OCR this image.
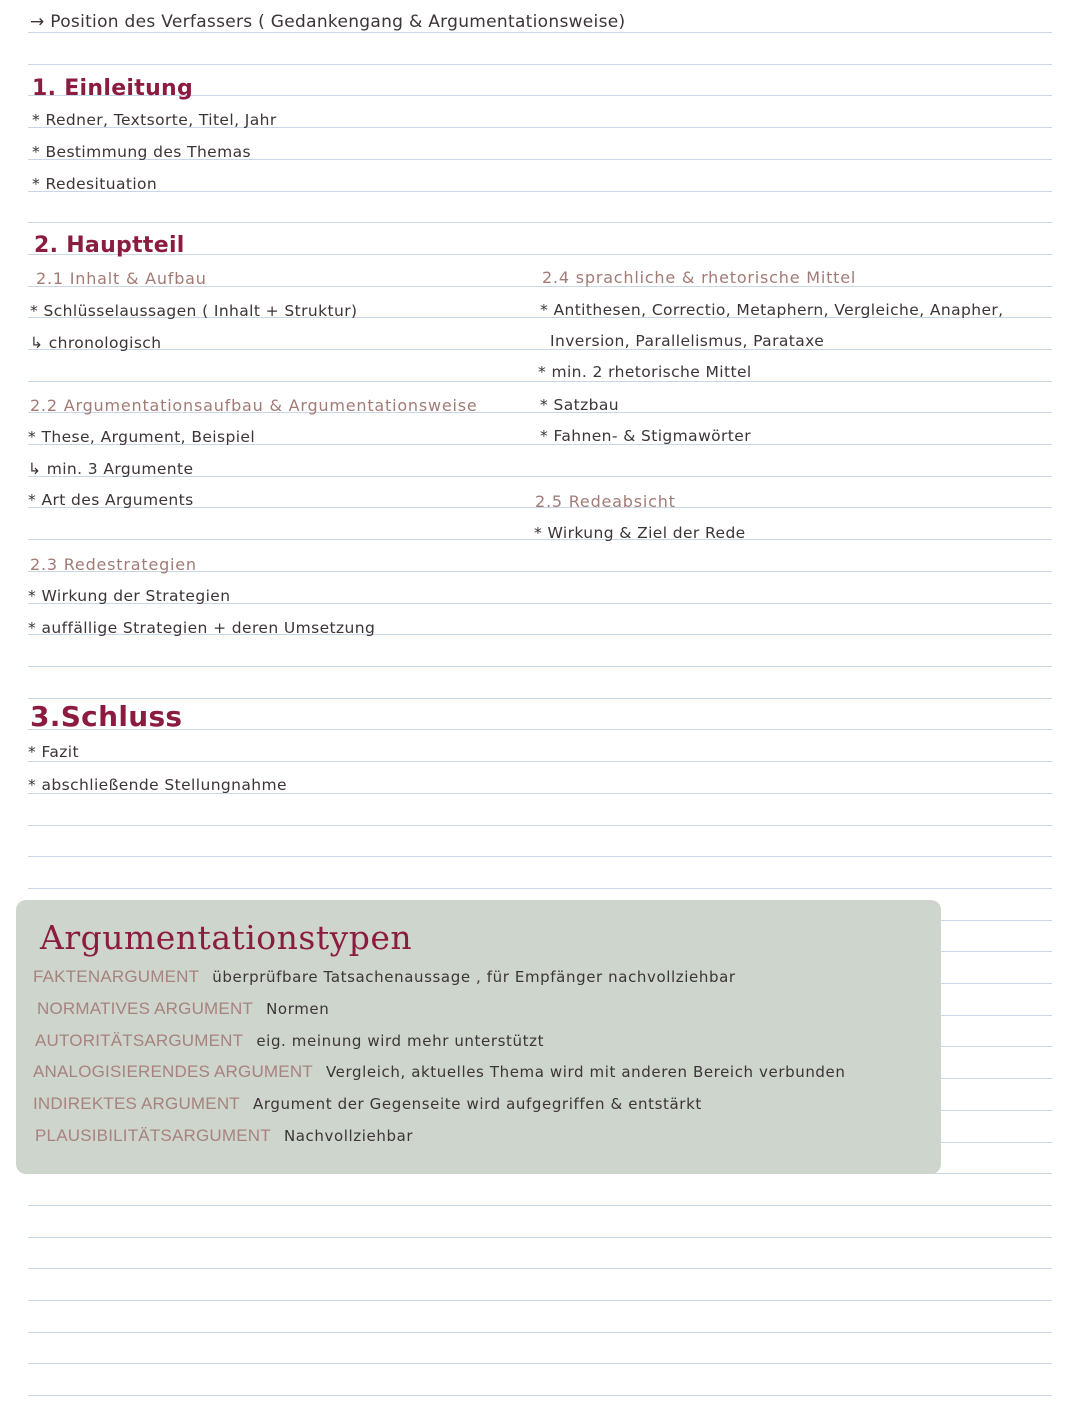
→ Position des Verfassers ( Gedankengang & Argumentationsweise)
1. Einleitung
* Redner, Textsorte, Titel, Jahr
* Bestimmung des Themas
* Redesituation
2. Hauptteil
2.1 Inhalt & Aufbau
* Schlüsselaussagen ( Inhalt + Struktur)
↳ chronologisch
2.2 Argumentationsaufbau & Argumentationsweise
* These, Argument, Beispiel
↳ min. 3 Argumente
* Art des Arguments
2.3 Redestrategien
* Wirkung der Strategien
* auffällige Strategien + deren Umsetzung
2.4 sprachliche & rhetorische Mittel
* Antithesen, Correctio, Metaphern, Vergleiche, Anapher,
Inversion, Parallelismus, Parataxe
* min. 2 rhetorische Mittel
* Satzbau
* Fahnen- & Stigmawörter
2.5 Redeabsicht
* Wirkung & Ziel der Rede
3.Schluss
* Fazit
* abschließende Stellungnahme
Argumentationstypen
FAKTENARGUMENT überprüfbare Tatsachenaussage , für Empfänger nachvollziehbar
NORMATIVES ARGUMENT Normen
AUTORITÄTSARGUMENT eig. meinung wird mehr unterstützt
ANALOGISIERENDES ARGUMENT Vergleich, aktuelles Thema wird mit anderen Bereich verbunden
INDIREKTES ARGUMENT Argument der Gegenseite wird aufgegriffen & entstärkt
PLAUSIBILITÄTSARGUMENT Nachvollziehbar
